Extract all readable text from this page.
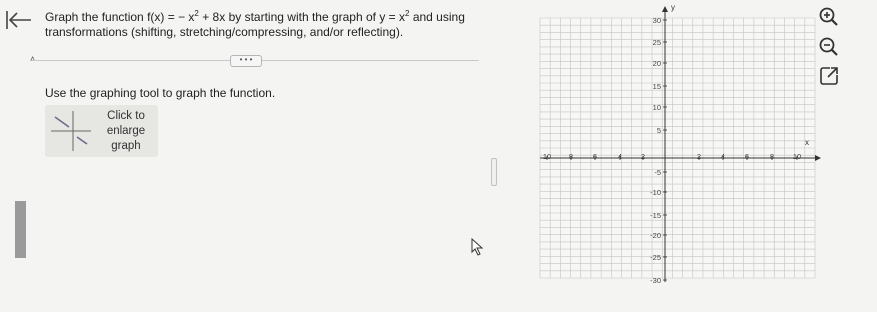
Graph the function f(x) = − $x^2 + 8x$ by starting with the graph of $y = x^2$ and using
transformations (shifting, stretching/compressing, and/or reflecting).
˄	• • •
Use the graphing tool to graph the function.
Click to
enlarge
graph
y
x
10 8	6	4	2	2	4	6	8 10
30
25
20
15
10
5
-5
-10
-15
-20
-25
-30
